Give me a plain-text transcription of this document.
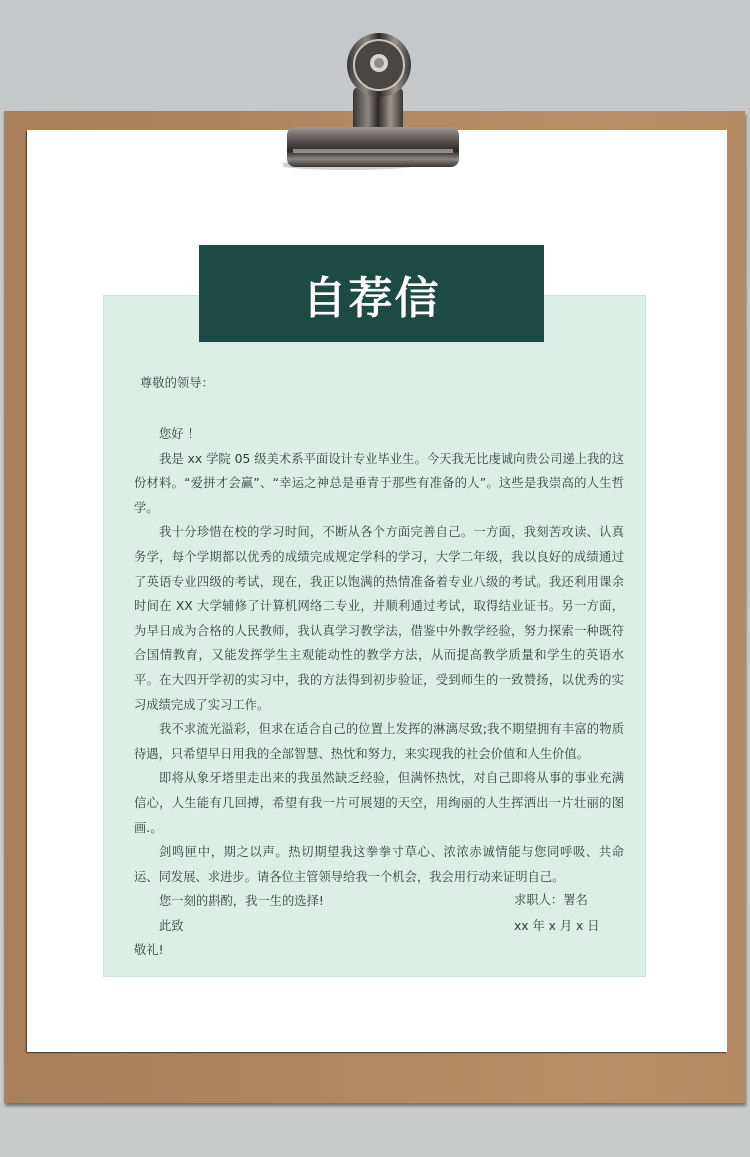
自荐信
尊敬的领导：

您好 ！

我是 xx 学院 05 级美术系平面设计专业毕业生。今天我无比虔诚向贵公司递上我的这份材料。“爱拼才会赢”、“幸运之神总是垂青于那些有准备的人”。这些是我崇高的人生哲学。

我十分珍惜在校的学习时间，不断从各个方面完善自己。一方面，我刻苦攻读、认真务学，每个学期都以优秀的成绩完成规定学科的学习，大学二年级，我以良好的成绩通过了英语专业四级的考试，现在，我正以饱满的热情准备着专业八级的考试。我还利用课余时间在 XX 大学辅修了计算机网络二专业，并顺利通过考试，取得结业证书。另一方面，为早日成为合格的人民教师，我认真学习教学法，借鉴中外教学经验，努力探索一种既符合国情教育，又能发挥学生主观能动性的教学方法，从而提高教学质量和学生的英语水平。在大四开学初的实习中，我的方法得到初步验证，受到师生的一致赞扬，以优秀的实习成绩完成了实习工作。

我不求流光溢彩，但求在适合自己的位置上发挥的淋漓尽致;我不期望拥有丰富的物质待遇，只希望早日用我的全部智慧、热忱和努力，来实现我的社会价值和人生价值。

即将从象牙塔里走出来的我虽然缺乏经验，但满怀热忱，对自己即将从事的事业充满信心，人生能有几回搏，希望有我一片可展翅的天空，用绚丽的人生挥洒出一片壮丽的图画.。

剑鸣匣中，期之以声。热切期望我这拳拳寸草心、浓浓赤诚情能与您同呼吸、共命运、同发展、求进步。请各位主管领导给我一个机会，我会用行动来证明自己。

您一刻的斟酌，我一生的选择!

此致

敬礼!

求职人：署名
xx 年 x 月 x 日
